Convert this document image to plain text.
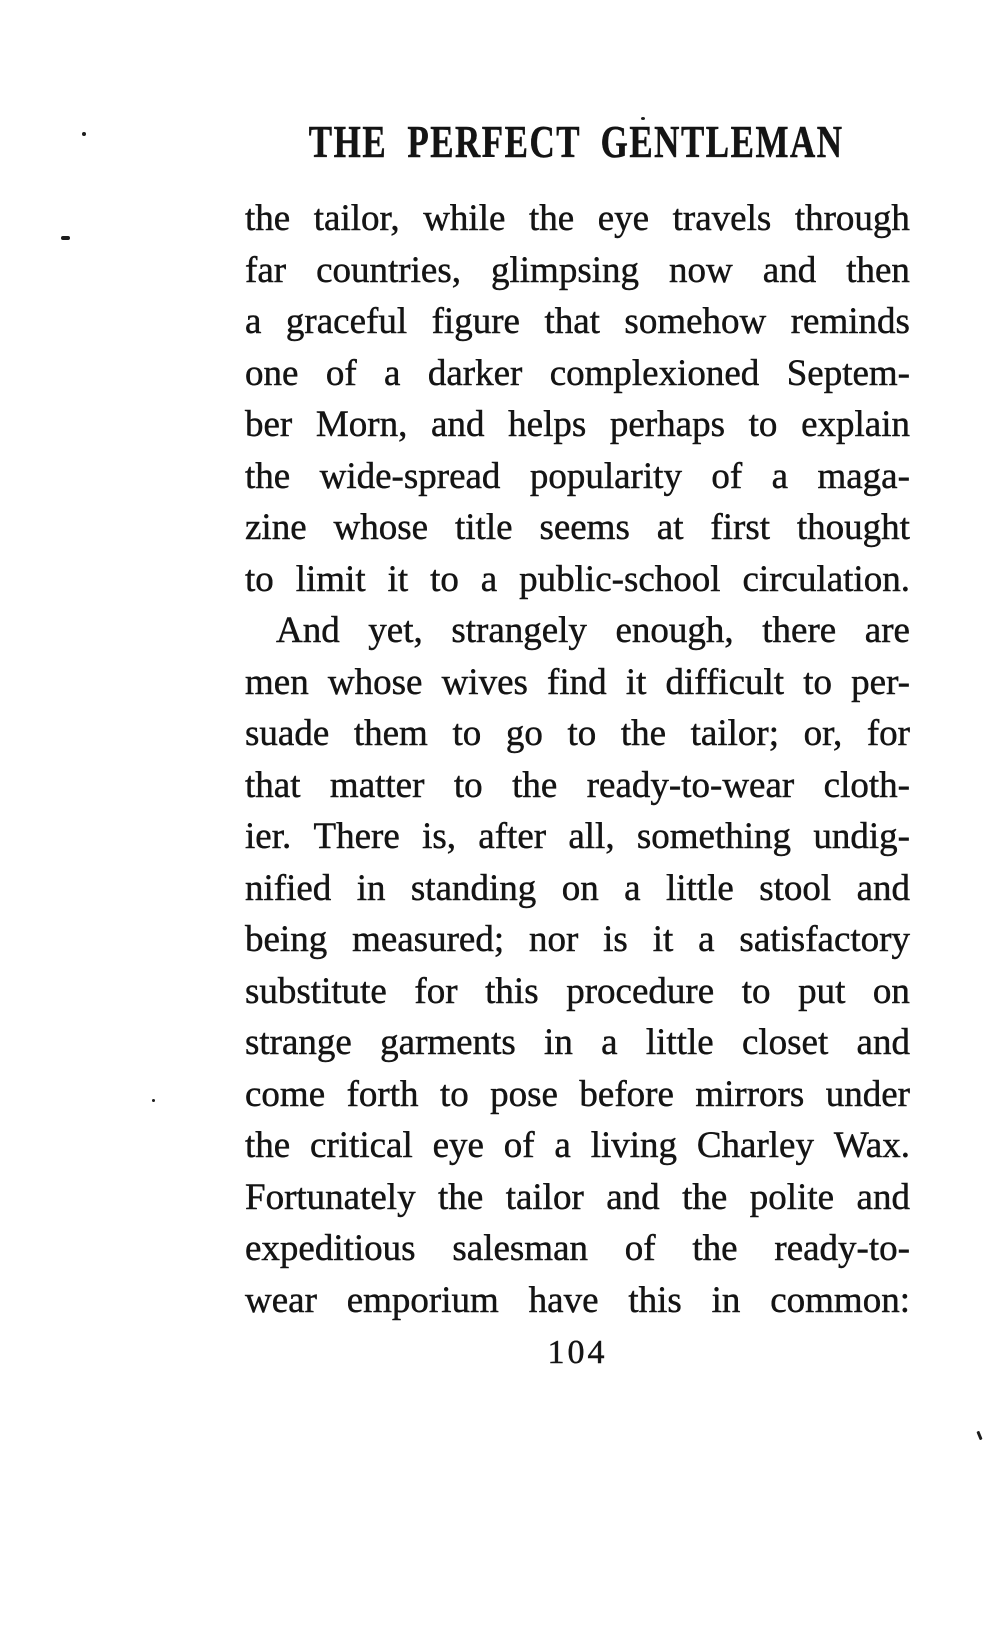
THE PERFECT GENTLEMAN
the tailor, while the eye travels through
far countries, glimpsing now and then
a graceful figure that somehow reminds
one of a darker complexioned Septem-
ber Morn, and helps perhaps to explain
the wide-spread popularity of a maga-
zine whose title seems at first thought
to limit it to a public-school circulation.
And yet, strangely enough, there are
men whose wives find it difficult to per-
suade them to go to the tailor; or, for
that matter to the ready-to-wear cloth-
ier. There is, after all, something undig-
nified in standing on a little stool and
being measured; nor is it a satisfactory
substitute for this procedure to put on
strange garments in a little closet and
come forth to pose before mirrors under
the critical eye of a living Charley Wax.
Fortunately the tailor and the polite and
expeditious salesman of the ready-to-
wear emporium have this in common:
104
